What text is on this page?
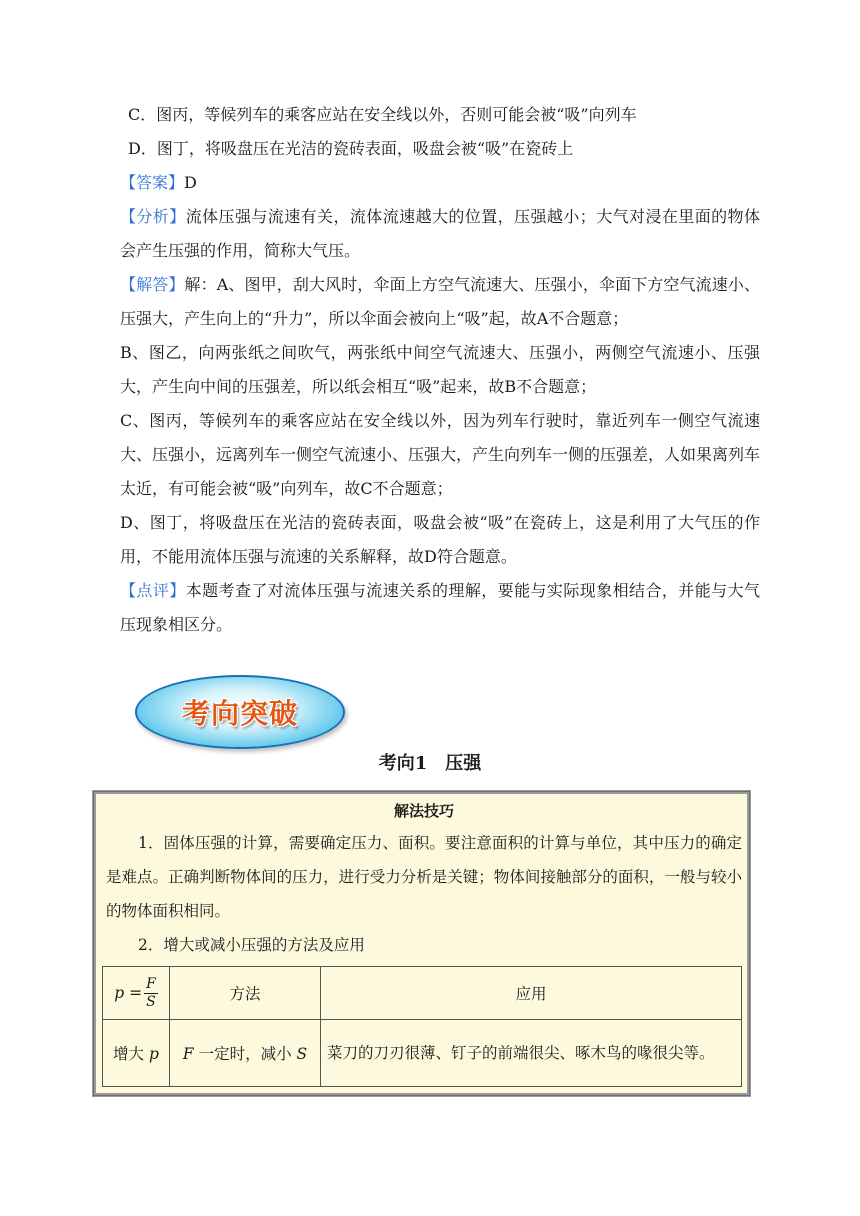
C．图丙，等候列车的乘客应站在安全线以外，否则可能会被“吸”向列车

D．图丁，将吸盘压在光洁的瓷砖表面，吸盘会被“吸”在瓷砖上

【答案】D

【分析】流体压强与流速有关，流体流速越大的位置，压强越小；大气对浸在里面的物体会产生压强的作用，简称大气压。

【解答】解：A、图甲，刮大风时，伞面上方空气流速大、压强小，伞面下方空气流速小、压强大，产生向上的“升力”，所以伞面会被向上“吸”起，故A不合题意；

B、图乙，向两张纸之间吹气，两张纸中间空气流速大、压强小，两侧空气流速小、压强大，产生向中间的压强差，所以纸会相互“吸”起来，故B不合题意；

C、图丙，等候列车的乘客应站在安全线以外，因为列车行驶时，靠近列车一侧空气流速大、压强小，远离列车一侧空气流速小、压强大，产生向列车一侧的压强差，人如果离列车太近，有可能会被“吸”向列车，故C不合题意；

D、图丁，将吸盘压在光洁的瓷砖表面，吸盘会被“吸”在瓷砖上，这是利用了大气压的作用，不能用流体压强与流速的关系解释，故D符合题意。

【点评】本题考查了对流体压强与流速关系的理解，要能与实际现象相结合，并能与大气压现象相区分。

考向突破
考向1　压强
解法技巧

1．固体压强的计算，需要确定压力、面积。要注意面积的计算与单位，其中压力的确定是难点。正确判断物体间的压力，进行受力分析是关键；物体间接触部分的面积，一般与较小的物体面积相同。

2．增大或减小压强的方法及应用

$p = \frac{F}{S}$	方法	应用
增大 p	F 一定时，减小 S	菜刀的刀刃很薄、钉子的前端很尖、啄木鸟的喙很尖等。
